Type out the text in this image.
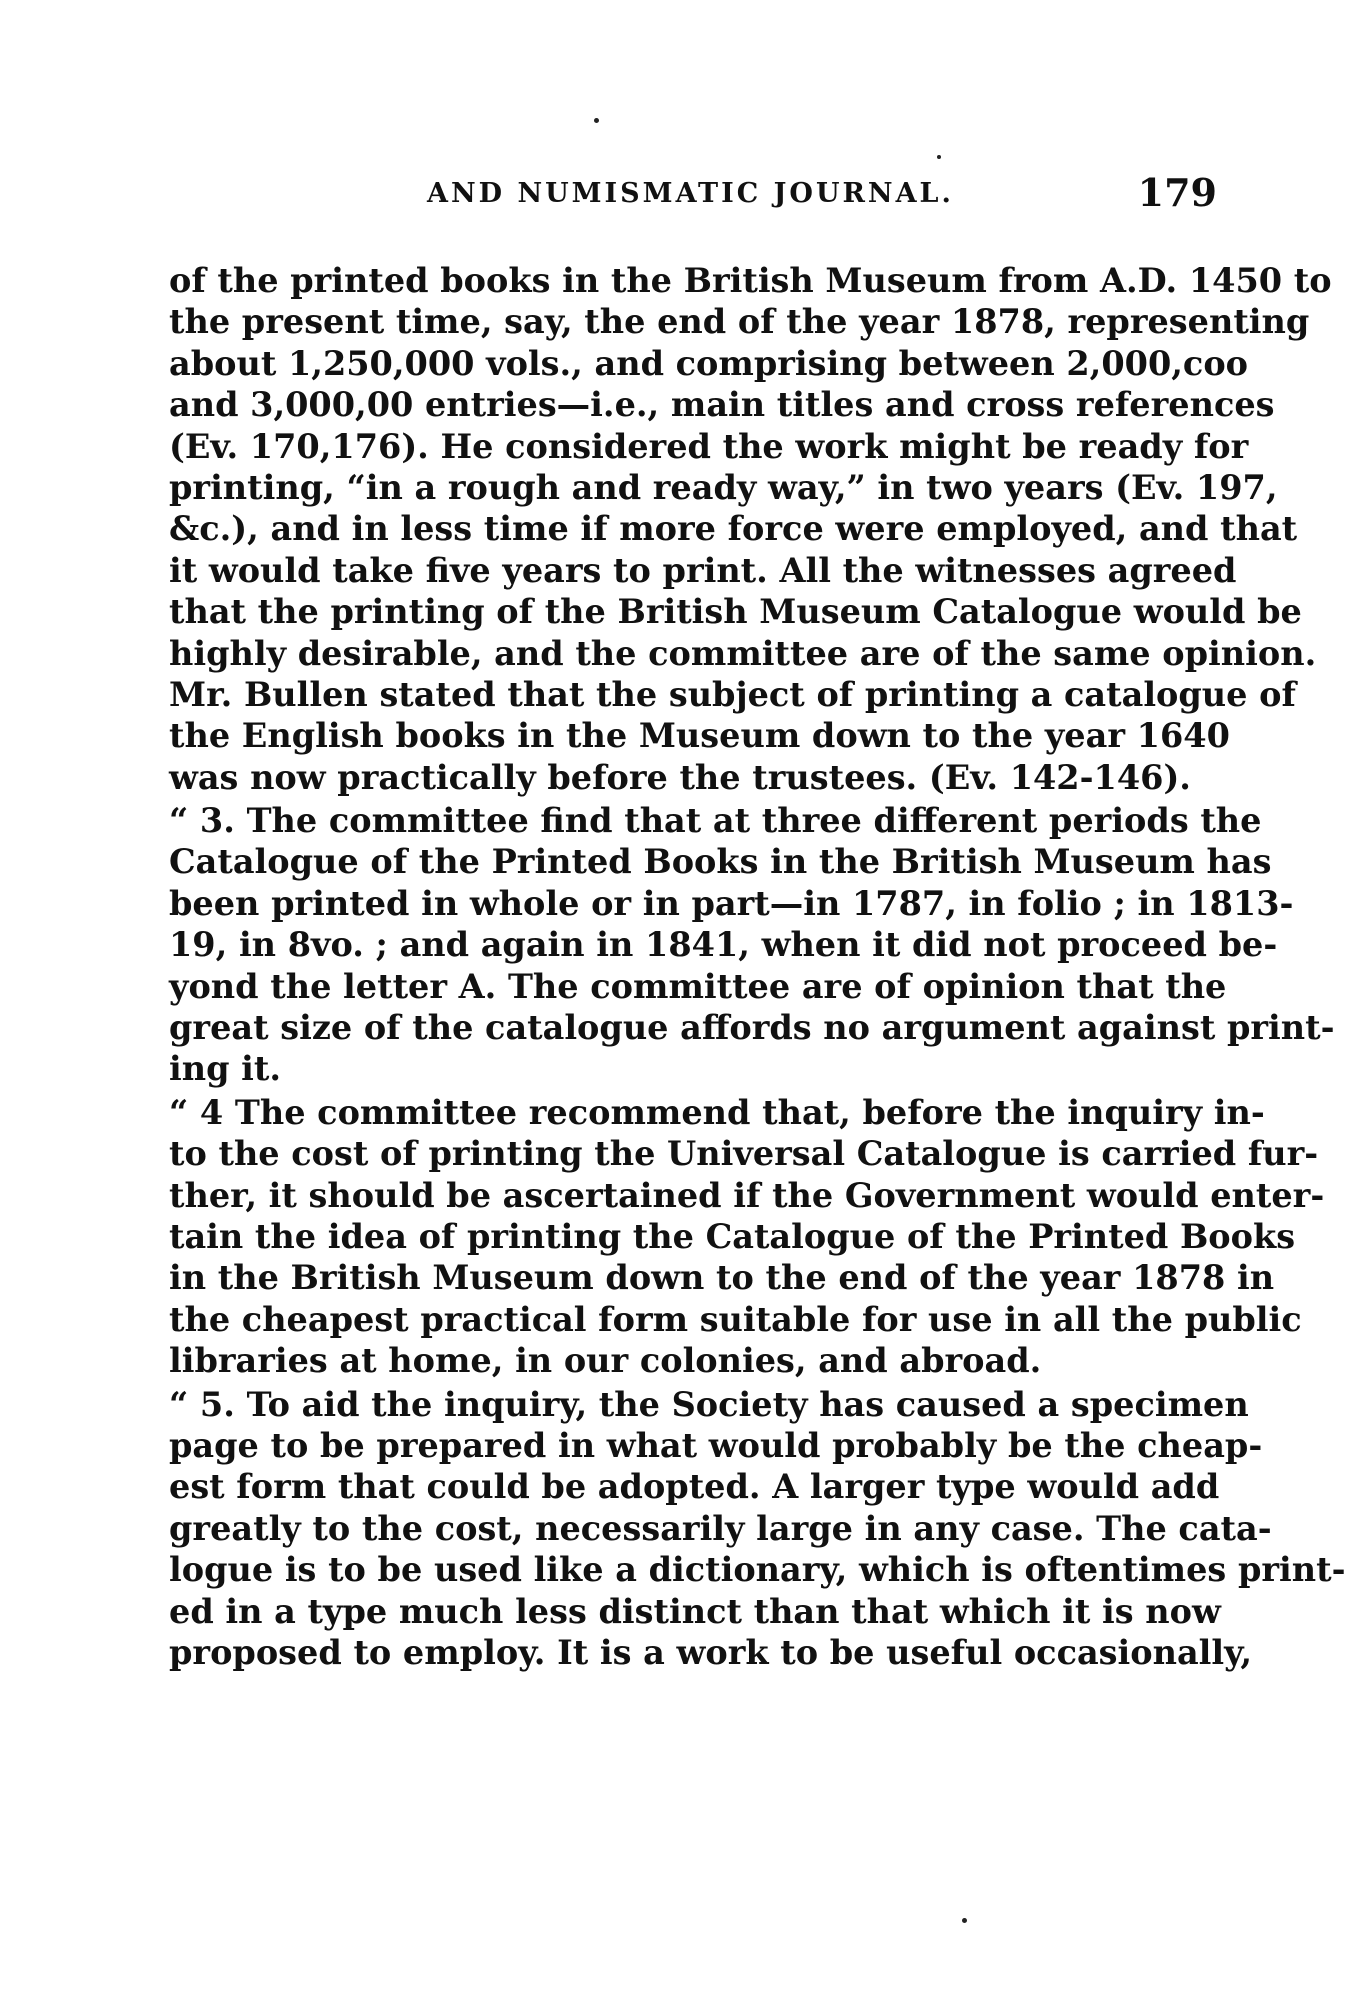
AND NUMISMATIC JOURNAL.	179
of the printed books in the British Museum from A.D. 1450 to
the present time, say, the end of the year 1878, representing
about 1,250,000 vols., and comprising between 2,000,coo
and 3,000,00 entries—i.e., main titles and cross references
(Ev. 170,176). He considered the work might be ready for
printing, “in a rough and ready way,” in two years (Ev. 197,
&c.), and in less time if more force were employed, and that
it would take five years to print. All the witnesses agreed
that the printing of the British Museum Catalogue would be
highly desirable, and the committee are of the same opinion.
Mr. Bullen stated that the subject of printing a catalogue of
the English books in the Museum down to the year 1640
was now practically before the trustees. (Ev. 142-146).
“ 3. The committee find that at three different periods the
Catalogue of the Printed Books in the British Museum has
been printed in whole or in part—in 1787, in folio ; in 1813-
19, in 8vo. ; and again in 1841, when it did not proceed be-
yond the letter A. The committee are of opinion that the
great size of the catalogue affords no argument against print-
ing it.
“ 4 The committee recommend that, before the inquiry in-
to the cost of printing the Universal Catalogue is carried fur-
ther, it should be ascertained if the Government would enter-
tain the idea of printing the Catalogue of the Printed Books
in the British Museum down to the end of the year 1878 in
the cheapest practical form suitable for use in all the public
libraries at home, in our colonies, and abroad.
“ 5. To aid the inquiry, the Society has caused a specimen
page to be prepared in what would probably be the cheap-
est form that could be adopted. A larger type would add
greatly to the cost, necessarily large in any case. The cata-
logue is to be used like a dictionary, which is oftentimes print-
ed in a type much less distinct than that which it is now
proposed to employ. It is a work to be useful occasionally,
